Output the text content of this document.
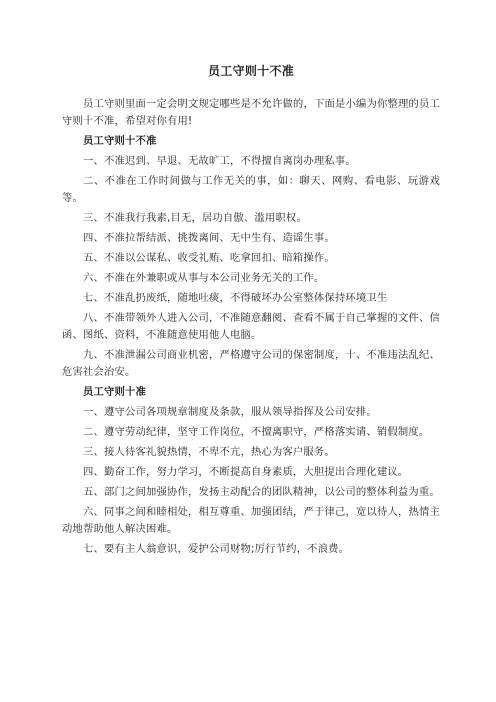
员工守则十不准

员工守则里面一定会明文规定哪些是不允许做的，下面是小编为你整理的员工守则十不准，希望对你有用!

员工守则十不准

一、不准迟到、早退、无故旷工，不得擅自离岗办理私事。

二、不准在工作时间做与工作无关的事，如：聊天、网购、看电影、玩游戏等。

三、不准我行我素,目无，居功自傲、滥用职权。

四、不准拉帮结派、挑拨离间、无中生有、造谣生事。

五、不准以公谋私、收受礼贿、吃拿回扣、暗箱操作。

六、不准在外兼职或从事与本公司业务无关的工作。

七、不准乱扔废纸，随地吐痰，不得破坏办公室整体保持环境卫生

八、不准带领外人进入公司，不准随意翻阅、查看不属于自己掌握的文件、信函、图纸、资料，不准随意使用他人电脑。

九、不准泄漏公司商业机密，严格遵守公司的保密制度，十、不准违法乱纪、危害社会治安。

员工守则十准

一、遵守公司各项规章制度及条款，服从领导指挥及公司安排。

二、遵守劳动纪律，坚守工作岗位，不擅离职守，严格落实请、销假制度。

三、接人待客礼貌热情，不卑不亢，热心为客户服务。

四、勤奋工作，努力学习，不断提高自身素质，大胆提出合理化建议。

五、部门之间加强协作，发扬主动配合的团队精神，以公司的整体利益为重。

六、同事之间和睦相处，相互尊重、加强团结，严于律己，宽以待人，热情主动地帮助他人解决困难。

七、要有主人翁意识，爱护公司财物;厉行节约，不浪费。
